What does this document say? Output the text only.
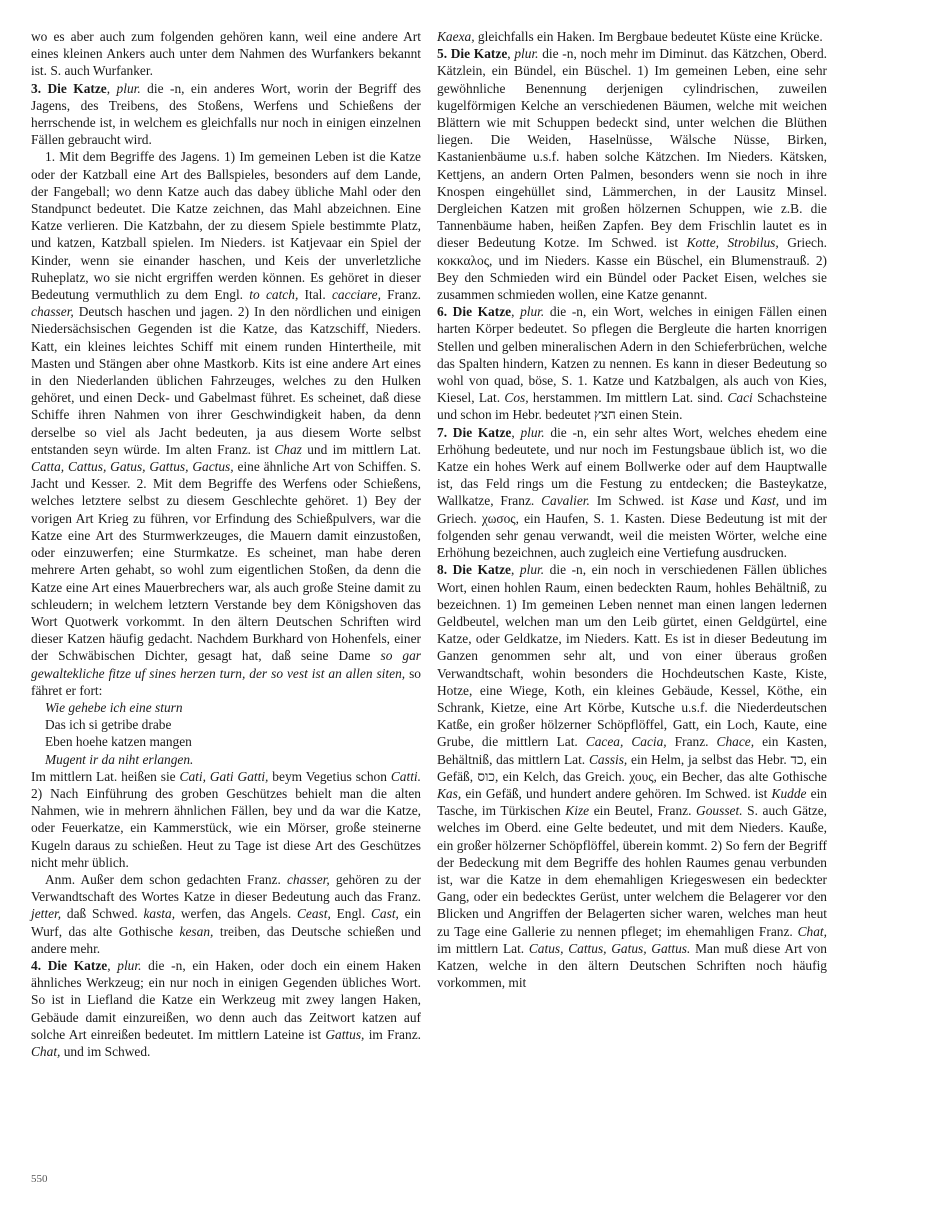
wo es aber auch zum folgenden gehören kann, weil eine andere Art eines kleinen Ankers auch unter dem Nahmen des Wurfankers bekannt ist. S. auch Wurfanker.

3. Die Katze, plur. die -n, ein anderes Wort, worin der Begriff des Jagens, des Treibens, des Stoßens, Werfens und Schießens der herrschende ist, in welchem es gleichfalls nur noch in einigen einzelnen Fällen gebraucht wird.

1. Mit dem Begriffe des Jagens. 1) Im gemeinen Leben ist die Katze oder der Katzball eine Art des Ballspieles, besonders auf dem Lande, der Fangeball; wo denn Katze auch das dabey übliche Mahl oder den Standpunct bedeutet. Die Katze zeichnen, das Mahl abzeichnen. Eine Katze verlieren. Die Katzbahn, der zu diesem Spiele bestimmte Platz, und katzen, Katzball spielen. Im Nieders. ist Katjevaar ein Spiel der Kinder, wenn sie einander haschen, und Keis der unverletzliche Ruheplatz, wo sie nicht ergriffen werden können. Es gehöret in dieser Bedeutung vermuthlich zu dem Engl. to catch, Ital. cacciare, Franz. chasser, Deutsch haschen und jagen. 2) In den nördlichen und einigen Niedersächsischen Gegenden ist die Katze, das Katzschiff, Nieders. Katt, ein kleines leichtes Schiff mit einem runden Hintertheile, mit Masten und Stängen aber ohne Mastkorb. Kits ist eine andere Art eines in den Niederlanden üblichen Fahrzeuges, welches zu den Hulken gehöret, und einen Deck- und Gabelmast führet. Es scheinet, daß diese Schiffe ihren Nahmen von ihrer Geschwindigkeit haben, da denn derselbe so viel als Jacht bedeuten, ja aus diesem Worte selbst entstanden seyn würde. Im alten Franz. ist Chaz und im mittlern Lat. Catta, Cattus, Gatus, Gattus, Gactus, eine ähnliche Art von Schiffen. S. Jacht und Kesser. 2. Mit dem Begriffe des Werfens oder Schießens, welches letztere selbst zu diesem Geschlechte gehöret. 1) Bey der vorigen Art Krieg zu führen, vor Erfindung des Schießpulvers, war die Katze eine Art des Sturmwerkzeuges, die Mauern damit einzustoßen, oder einzuwerfen; eine Sturmkatze. Es scheinet, man habe deren mehrere Arten gehabt, so wohl zum eigentlichen Stoßen, da denn die Katze eine Art eines Mauerbrechers war, als auch große Steine damit zu schleudern; in welchem letztern Verstande bey dem Königshoven das Wort Quotwerk vorkommt. In den ältern Deutschen Schriften wird dieser Katzen häufig gedacht. Nachdem Burkhard von Hohenfels, einer der Schwäbischen Dichter, gesagt hat, daß seine Dame so gar gewaltekliche fitze uf sines herzen turn, der so vest ist an allen siten, so fähret er fort:

Wie gehebe ich eine sturn
Das ich si getribe drabe
Eben hoehe katzen mangen
Mugent ir da niht erlangen.

Im mittlern Lat. heißen sie Cati, Gati Gatti, beym Vegetius schon Catti. 2) Nach Einführung des groben Geschützes behielt man die alten Nahmen, wie in mehrern ähnlichen Fällen, bey und da war die Katze, oder Feuerkatze, ein Kammerstück, wie ein Mörser, große steinerne Kugeln daraus zu schießen. Heut zu Tage ist diese Art des Geschützes nicht mehr üblich.

Anm. Außer dem schon gedachten Franz. chasser, gehören zu der Verwandtschaft des Wortes Katze in dieser Bedeutung auch das Franz. jetter, daß Schwed. kasta, werfen, das Angels. Ceast, Engl. Cast, ein Wurf, das alte Gothische kesan, treiben, das Deutsche schießen und andere mehr.

4. Die Katze, plur. die -n, ein Haken, oder doch ein einem Haken ähnliches Werkzeug; ein nur noch in einigen Gegenden übliches Wort. So ist in Liefland die Katze ein Werkzeug mit zwey langen Haken, Gebäude damit einzureißen, wo denn auch das Zeitwort katzen auf solche Art einreißen bedeutet. Im mittlern Lateine ist Gattus, im Franz. Chat, und im Schwed.

Kaexa, gleichfalls ein Haken. Im Bergbaue bedeutet Küste eine Krücke.

5. Die Katze, plur. die -n, noch mehr im Diminut. das Kätzchen, Oberd. Kätzlein, ein Bündel, ein Büschel. 1) Im gemeinen Leben, eine sehr gewöhnliche Benennung derjenigen cylindrischen, zuweilen kugelförmigen Kelche an verschiedenen Bäumen, welche mit weichen Blättern wie mit Schuppen bedeckt sind, unter welchen die Blüthen liegen. Die Weiden, Haselnüsse, Wälsche Nüsse, Birken, Kastanienbäume u.s.f. haben solche Kätzchen. Im Nieders. Kätsken, Kettjens, an andern Orten Palmen, besonders wenn sie noch in ihre Knospen eingehüllet sind, Lämmerchen, in der Lausitz Minsel. Dergleichen Katzen mit großen hölzernen Schuppen, wie z.B. die Tannenbäume haben, heißen Zapfen. Bey dem Frischlin lautet es in dieser Bedeutung Kotze. Im Schwed. ist Kotte, Strobilus, Griech. κοκκαλος, und im Nieders. Kasse ein Büschel, ein Blumenstrauß. 2) Bey den Schmieden wird ein Bündel oder Packet Eisen, welches sie zusammen schmieden wollen, eine Katze genannt.

6. Die Katze, plur. die -n, ein Wort, welches in einigen Fällen einen harten Körper bedeutet. So pflegen die Bergleute die harten knorrigen Stellen und gelben mineralischen Adern in den Schieferbrüchen, welche das Spalten hindern, Katzen zu nennen. Es kann in dieser Bedeutung so wohl von quad, böse, S. 1. Katze und Katzbalgen, als auch von Kies, Kiesel, Lat. Cos, herstammen. Im mittlern Lat. sind. Caci Schachsteine und schon im Hebr. bedeutet חצץ einen Stein.

7. Die Katze, plur. die -n, ein sehr altes Wort, welches ehedem eine Erhöhung bedeutete, und nur noch im Festungsbaue üblich ist, wo die Katze ein hohes Werk auf einem Bollwerke oder auf dem Hauptwalle ist, das Feld rings um die Festung zu entdecken; die Basteykatze, Wallkatze, Franz. Cavalier. Im Schwed. ist Kase und Kast, und im Griech. χωσος, ein Haufen, S. 1. Kasten. Diese Bedeutung ist mit der folgenden sehr genau verwandt, weil die meisten Wörter, welche eine Erhöhung bezeichnen, auch zugleich eine Vertiefung ausdrucken.

8. Die Katze, plur. die -n, ein noch in verschiedenen Fällen übliches Wort, einen hohlen Raum, einen bedeckten Raum, hohles Behältniß, zu bezeichnen. 1) Im gemeinen Leben nennet man einen langen ledernen Geldbeutel, welchen man um den Leib gürtet, einen Geldgürtel, eine Katze, oder Geldkatze, im Nieders. Katt. Es ist in dieser Bedeutung im Ganzen genommen sehr alt, und von einer überaus großen Verwandtschaft, wohin besonders die Hochdeutschen Kaste, Kiste, Hotze, eine Wiege, Koth, ein kleines Gebäude, Kessel, Köthe, ein Schrank, Kietze, eine Art Körbe, Kutsche u.s.f. die Niederdeutschen Katße, ein großer hölzerner Schöpflöffel, Gatt, ein Loch, Kaute, eine Grube, die mittlern Lat. Cacea, Cacia, Franz. Chace, ein Kasten, Behältniß, das mittlern Lat. Cassis, ein Helm, ja selbst das Hebr. כד, ein Gefäß, כוס, ein Kelch, das Greich. χους, ein Becher, das alte Gothische Kas, ein Gefäß, und hundert andere gehören. Im Schwed. ist Kudde ein Tasche, im Türkischen Kize ein Beutel, Franz. Gousset. S. auch Gätze, welches im Oberd. eine Gelte bedeutet, und mit dem Nieders. Kauße, ein großer hölzerner Schöpflöffel, überein kommt. 2) So fern der Begriff der Bedeckung mit dem Begriffe des hohlen Raumes genau verbunden ist, war die Katze in dem ehemahligen Kriegeswesen ein bedeckter Gang, oder ein bedecktes Gerüst, unter welchem die Belagerer vor den Blicken und Angriffen der Belagerten sicher waren, welches man heut zu Tage eine Gallerie zu nennen pfleget; im ehemahligen Franz. Chat, im mittlern Lat. Catus, Cattus, Gatus, Gattus. Man muß diese Art von Katzen, welche in den ältern Deutschen Schriften noch häufig vorkommen, mit

550
